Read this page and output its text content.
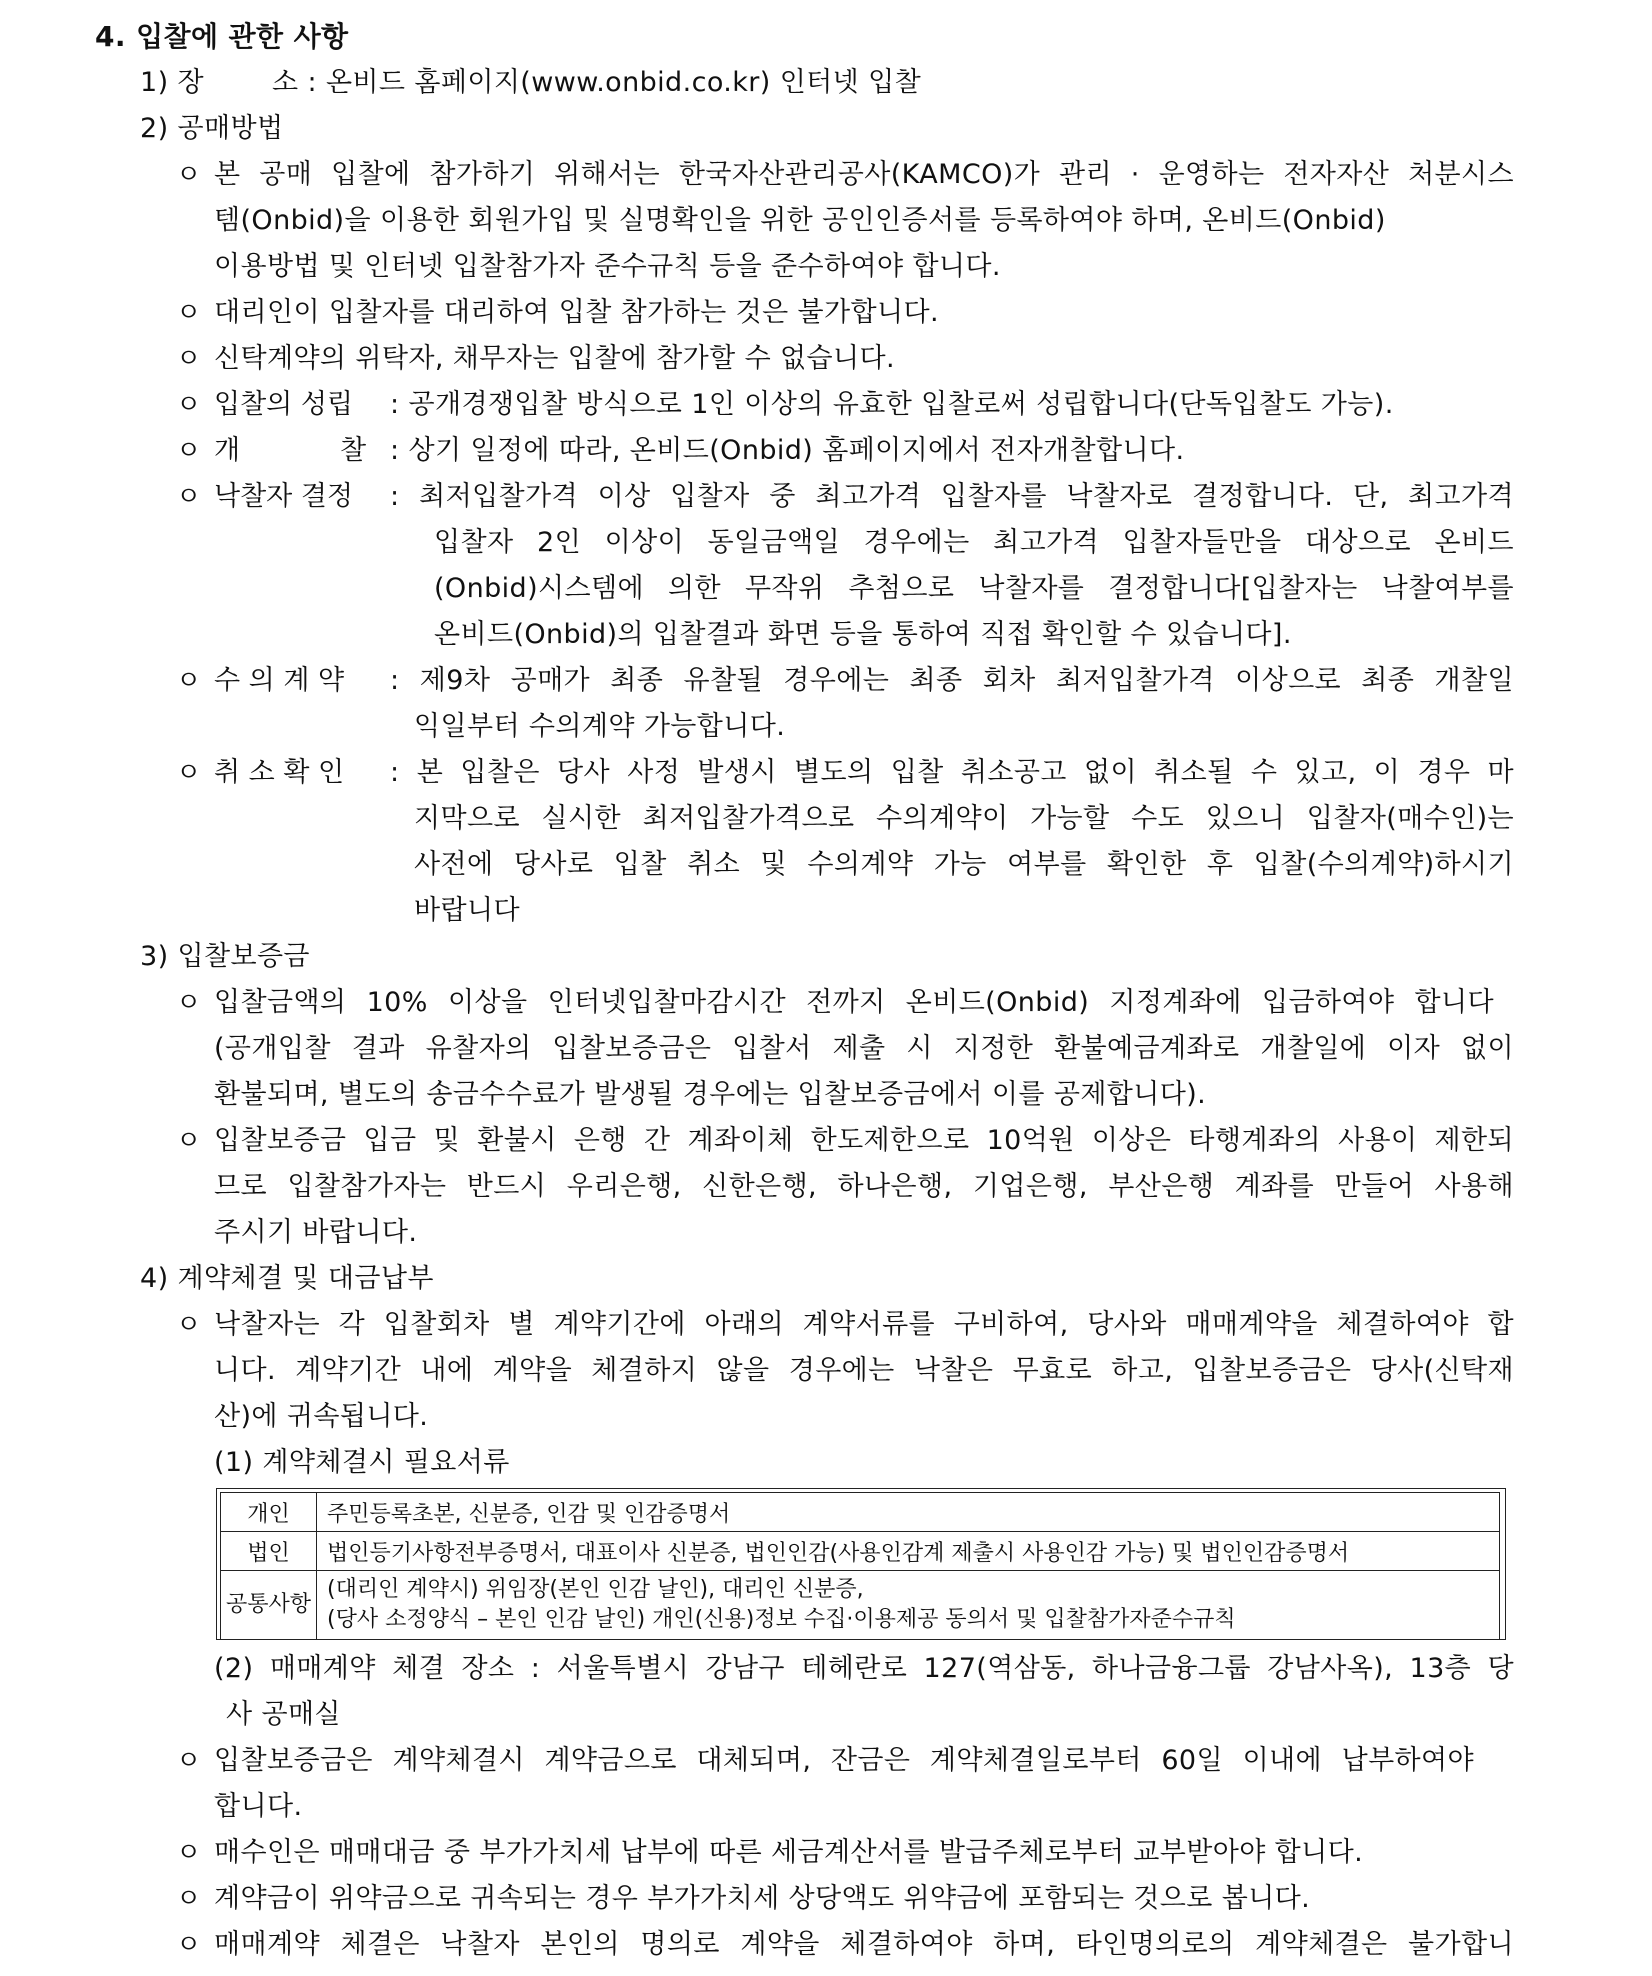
4. 입찰에 관한 사항
1) 장	소 : 온비드 홈페이지(www.onbid.co.kr) 인터넷 입찰
2) 공매방법
ㅇ 본 공매 입찰에 참가하기 위해서는 한국자산관리공사(KAMCO)가 관리 · 운영하는 전자자산 처분시스
템(Onbid)을 이용한 회원가입 및 실명확인을 위한 공인인증서를 등록하여야 하며, 온비드(Onbid)
이용방법 및 인터넷 입찰참가자 준수규칙 등을 준수하여야 합니다.
ㅇ 대리인이 입찰자를 대리하여 입찰 참가하는 것은 불가합니다.
ㅇ 신탁계약의 위탁자, 채무자는 입찰에 참가할 수 없습니다.
ㅇ 입찰의 성립 : 공개경쟁입찰 방식으로 1인 이상의 유효한 입찰로써 성립합니다(단독입찰도 가능).
ㅇ 개	찰 : 상기 일정에 따라, 온비드(Onbid) 홈페이지에서 전자개찰합니다.
ㅇ 낙찰자 결정 : 최저입찰가격 이상 입찰자 중 최고가격 입찰자를 낙찰자로 결정합니다. 단, 최고가격
입찰자 2인 이상이 동일금액일 경우에는 최고가격 입찰자들만을 대상으로 온비드
(Onbid)시스템에 의한 무작위 추첨으로 낙찰자를 결정합니다[입찰자는 낙찰여부를
온비드(Onbid)의 입찰결과 화면 등을 통하여 직접 확인할 수 있습니다].
ㅇ 수 의 계 약 : 제9차 공매가 최종 유찰될 경우에는 최종 회차 최저입찰가격 이상으로 최종 개찰일
익일부터 수의계약 가능합니다.
ㅇ 취 소 확 인 : 본 입찰은 당사 사정 발생시 별도의 입찰 취소공고 없이 취소될 수 있고, 이 경우 마
지막으로 실시한 최저입찰가격으로 수의계약이 가능할 수도 있으니 입찰자(매수인)는
사전에 당사로 입찰 취소 및 수의계약 가능 여부를 확인한 후 입찰(수의계약)하시기
바랍니다
3) 입찰보증금
ㅇ 입찰금액의 10% 이상을 인터넷입찰마감시간 전까지 온비드(Onbid) 지정계좌에 입금하여야 합니다
(공개입찰 결과 유찰자의 입찰보증금은 입찰서 제출 시 지정한 환불예금계좌로 개찰일에 이자 없이
환불되며, 별도의 송금수수료가 발생될 경우에는 입찰보증금에서 이를 공제합니다).
ㅇ 입찰보증금 입금 및 환불시 은행 간 계좌이체 한도제한으로 10억원 이상은 타행계좌의 사용이 제한되
므로 입찰참가자는 반드시 우리은행, 신한은행, 하나은행, 기업은행, 부산은행 계좌를 만들어 사용해
주시기 바랍니다.
4) 계약체결 및 대금납부
ㅇ 낙찰자는 각 입찰회차 별 계약기간에 아래의 계약서류를 구비하여, 당사와 매매계약을 체결하여야 합
니다. 계약기간 내에 계약을 체결하지 않을 경우에는 낙찰은 무효로 하고, 입찰보증금은 당사(신탁재
산)에 귀속됩니다.
(1) 계약체결시 필요서류
개인	주민등록초본, 신분증, 인감 및 인감증명서
법인	법인등기사항전부증명서, 대표이사 신분증, 법인인감(사용인감계 제출시 사용인감 가능) 및 법인인감증명서
공통사항	(대리인 계약시) 위임장(본인 인감 날인), 대리인 신분증,
(당사 소정양식 – 본인 인감 날인) 개인(신용)정보 수집·이용제공 동의서 및 입찰참가자준수규칙
(2) 매매계약 체결 장소 : 서울특별시 강남구 테헤란로 127(역삼동, 하나금융그룹 강남사옥), 13층 당
사 공매실
ㅇ 입찰보증금은 계약체결시 계약금으로 대체되며, 잔금은 계약체결일로부터 60일 이내에 납부하여야
합니다.
ㅇ 매수인은 매매대금 중 부가가치세 납부에 따른 세금계산서를 발급주체로부터 교부받아야 합니다.
ㅇ 계약금이 위약금으로 귀속되는 경우 부가가치세 상당액도 위약금에 포함되는 것으로 봅니다.
ㅇ 매매계약 체결은 낙찰자 본인의 명의로 계약을 체결하여야 하며, 타인명의로의 계약체결은 불가합니
